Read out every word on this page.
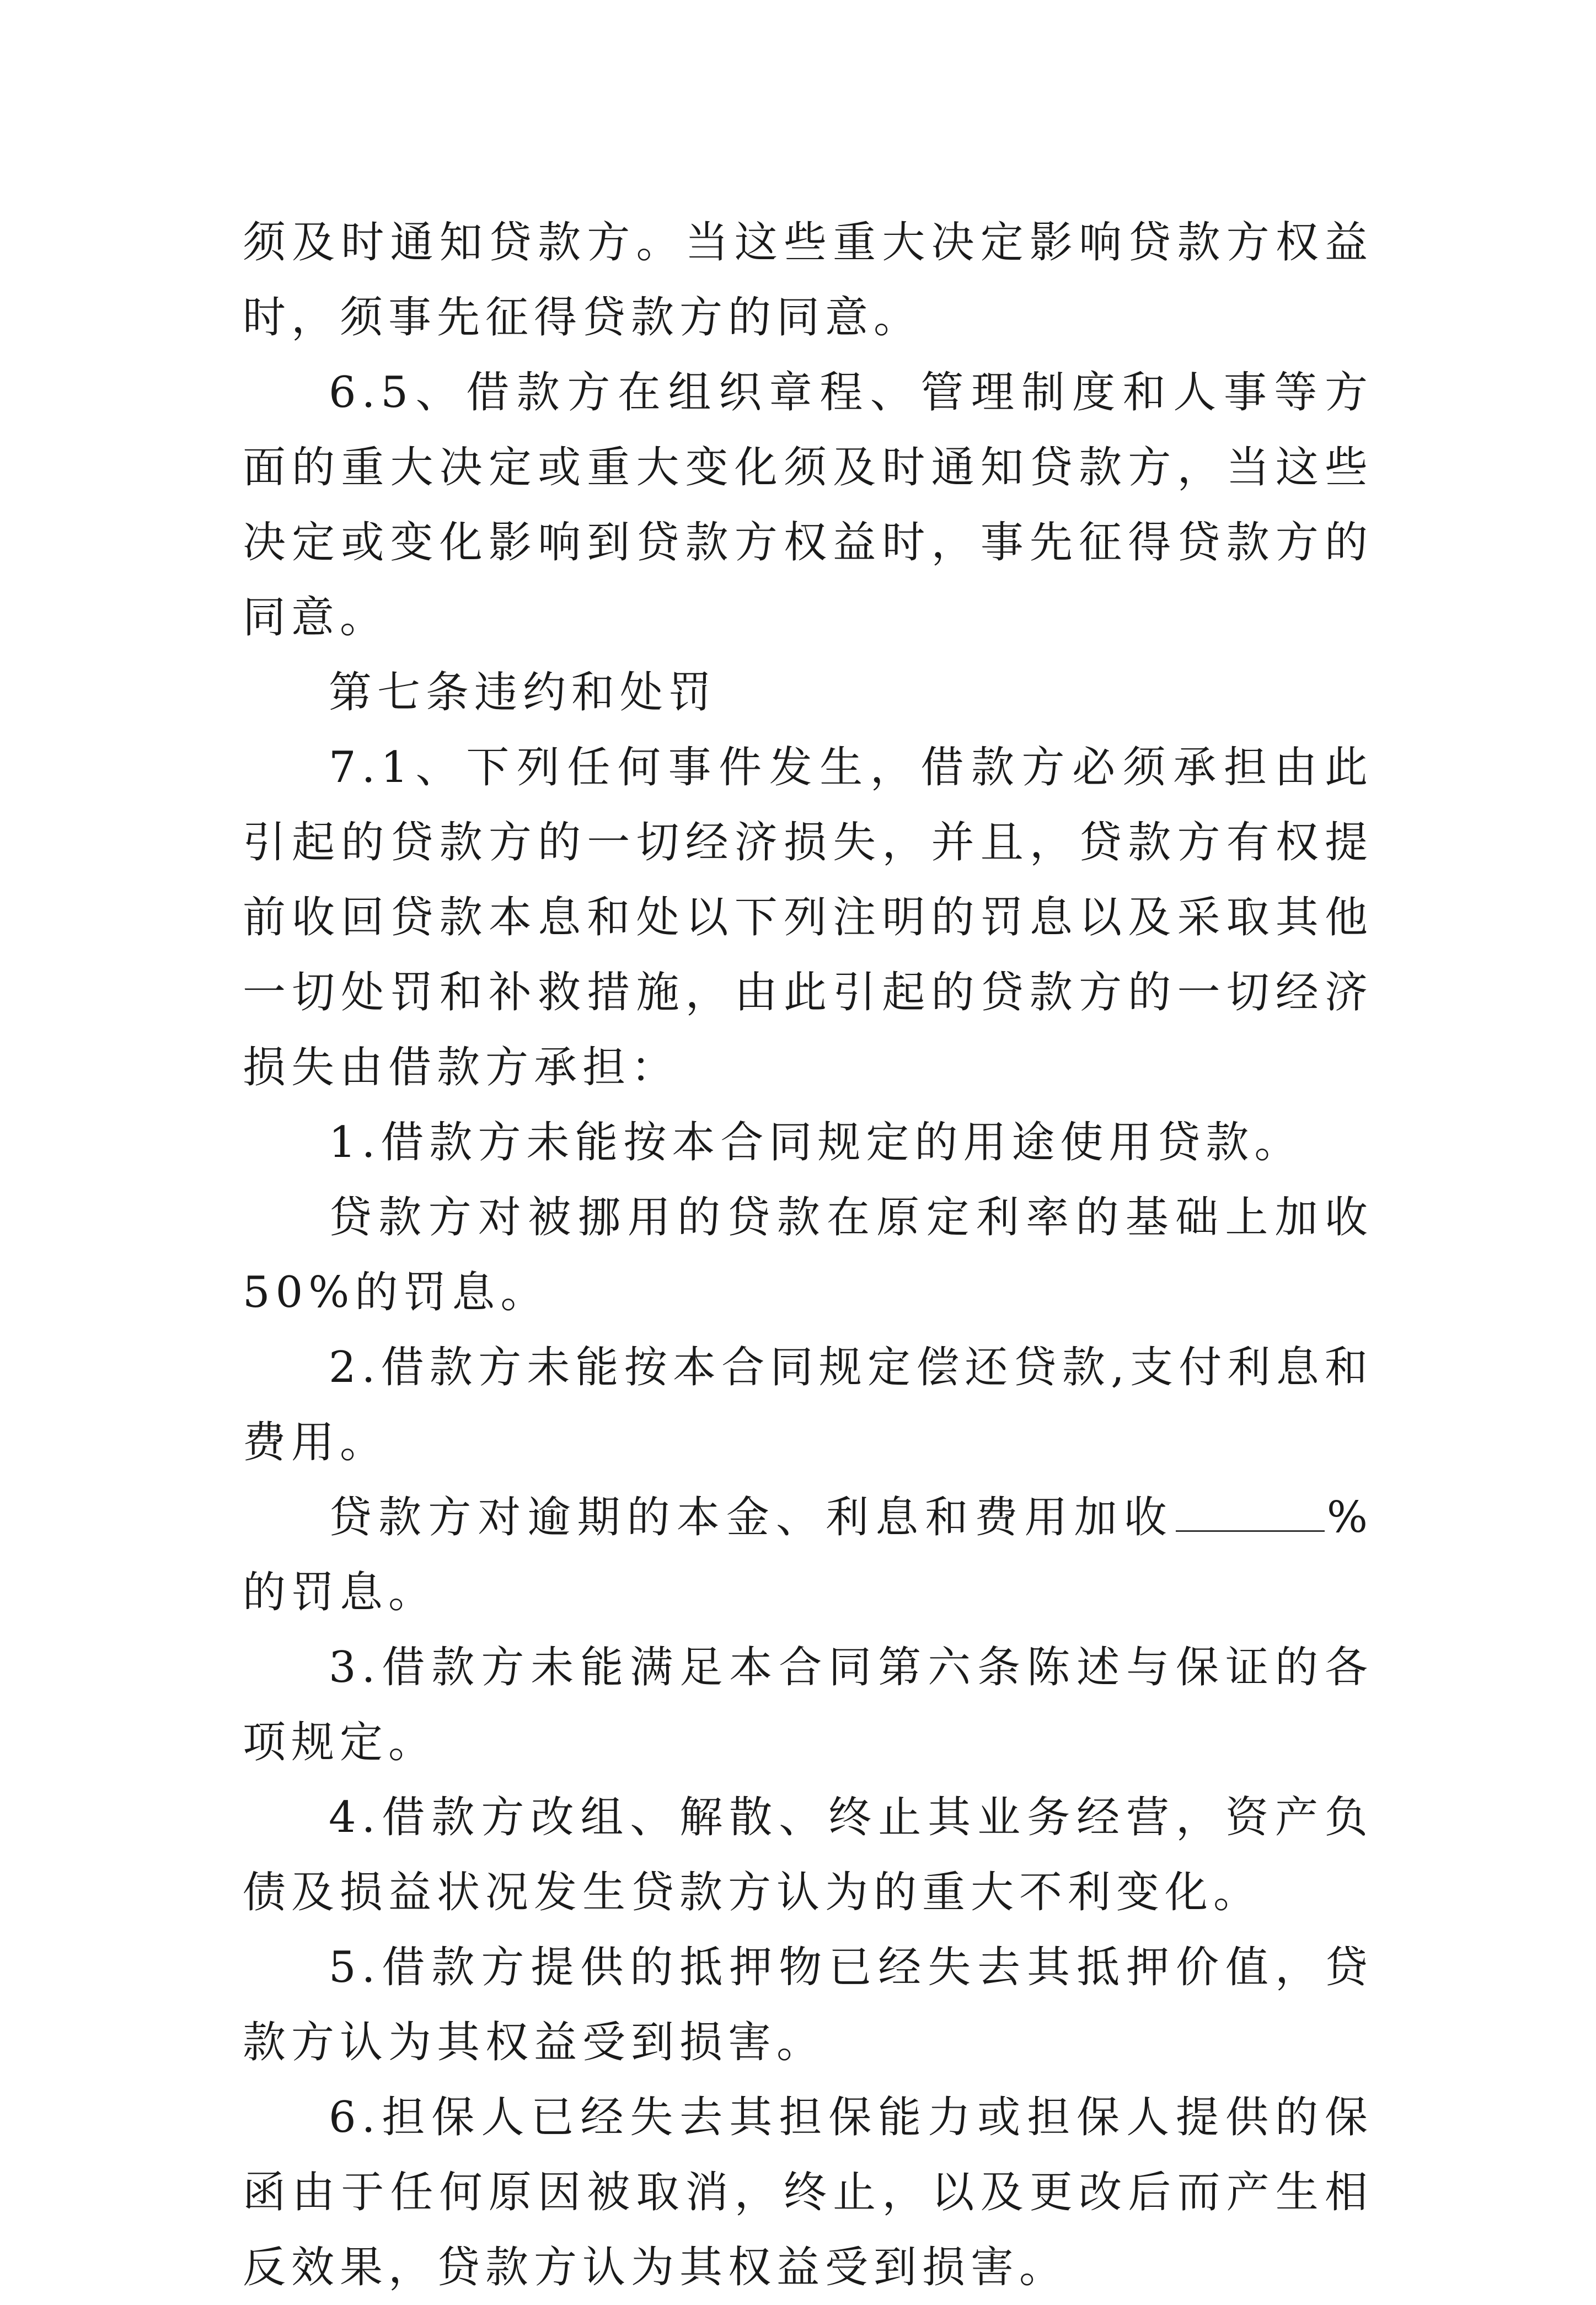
须及时通知贷款方。当这些重大决定影响贷款方权益时，须事先征得贷款方的同意。

6.5、借款方在组织章程、管理制度和人事等方面的重大决定或重大变化须及时通知贷款方，当这些决定或变化影响到贷款方权益时，事先征得贷款方的同意。

第七条违约和处罚

7.1、下列任何事件发生，借款方必须承担由此引起的贷款方的一切经济损失，并且，贷款方有权提前收回贷款本息和处以下列注明的罚息以及采取其他一切处罚和补救措施，由此引起的贷款方的一切经济损失由借款方承担：

1.借款方未能按本合同规定的用途使用贷款。

贷款方对被挪用的贷款在原定利率的基础上加收50%的罚息。

2.借款方未能按本合同规定偿还贷款,支付利息和费用。

贷款方对逾期的本金、利息和费用加收	%的罚息。

3.借款方未能满足本合同第六条陈述与保证的各项规定。

4.借款方改组、解散、终止其业务经营，资产负债及损益状况发生贷款方认为的重大不利变化。

5.借款方提供的抵押物已经失去其抵押价值，贷款方认为其权益受到损害。

6.担保人已经失去其担保能力或担保人提供的保函由于任何原因被取消，终止，以及更改后而产生相反效果，贷款方认为其权益受到损害。
